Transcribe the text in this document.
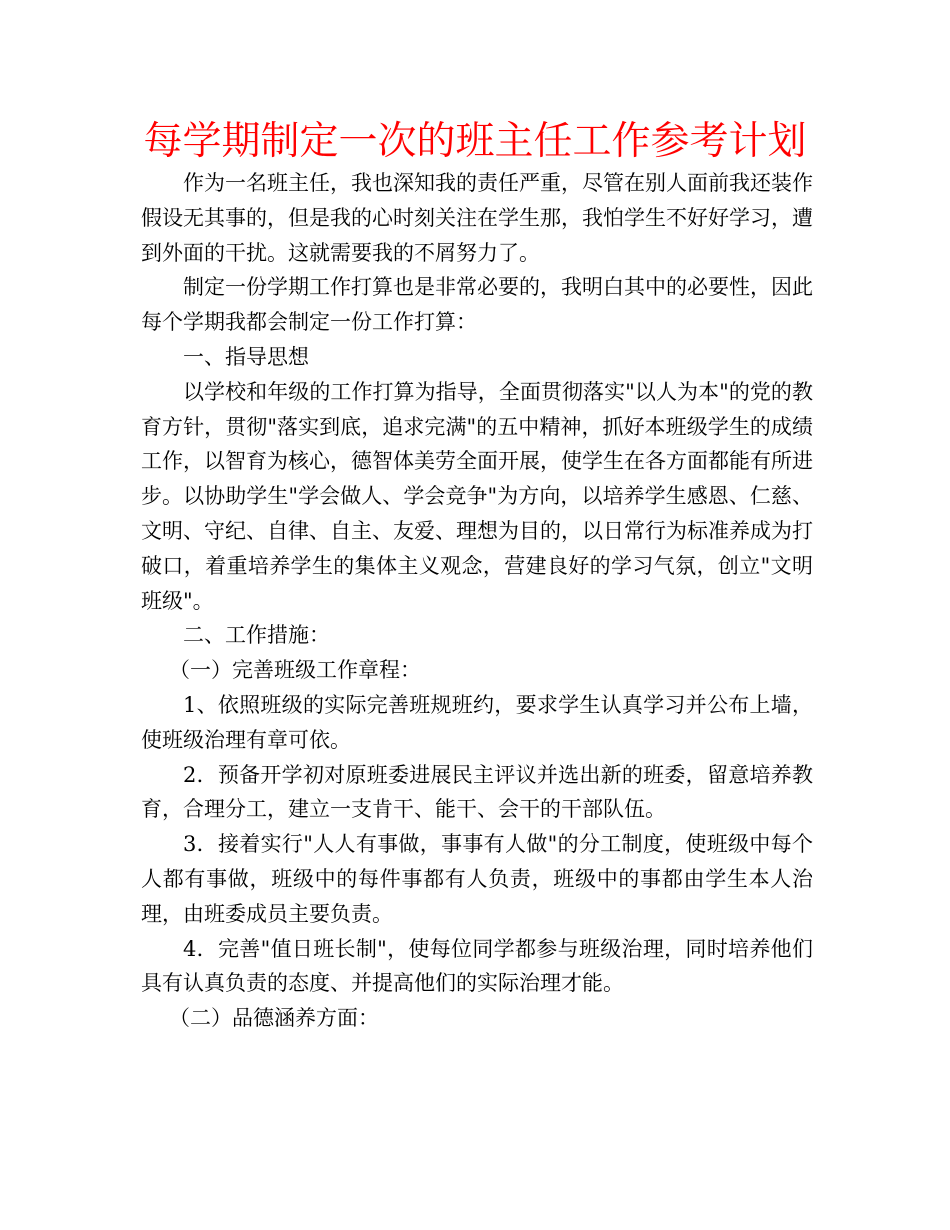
每学期制定一次的班主任工作参考计划

作为一名班主任，我也深知我的责任严重，尽管在别人面前我还装作假设无其事的，但是我的心时刻关注在学生那，我怕学生不好好学习，遭到外面的干扰。这就需要我的不屑努力了。

制定一份学期工作打算也是非常必要的，我明白其中的必要性，因此每个学期我都会制定一份工作打算：

一、指导思想

以学校和年级的工作打算为指导，全面贯彻落实"以人为本"的党的教育方针，贯彻"落实到底，追求完满"的五中精神，抓好本班级学生的成绩工作，以智育为核心，德智体美劳全面开展，使学生在各方面都能有所进步。以协助学生"学会做人、学会竞争"为方向，以培养学生感恩、仁慈、文明、守纪、自律、自主、友爱、理想为目的，以日常行为标准养成为打破口，着重培养学生的集体主义观念，营建良好的学习气氛，创立"文明班级"。

二、工作措施：

（一）完善班级工作章程：

1、依照班级的实际完善班规班约，要求学生认真学习并公布上墙，使班级治理有章可依。

2．预备开学初对原班委进展民主评议并选出新的班委，留意培养教育，合理分工，建立一支肯干、能干、会干的干部队伍。

3．接着实行"人人有事做，事事有人做"的分工制度，使班级中每个人都有事做，班级中的每件事都有人负责，班级中的事都由学生本人治理，由班委成员主要负责。

4．完善"值日班长制"，使每位同学都参与班级治理，同时培养他们具有认真负责的态度、并提高他们的实际治理才能。

（二）品德涵养方面：
